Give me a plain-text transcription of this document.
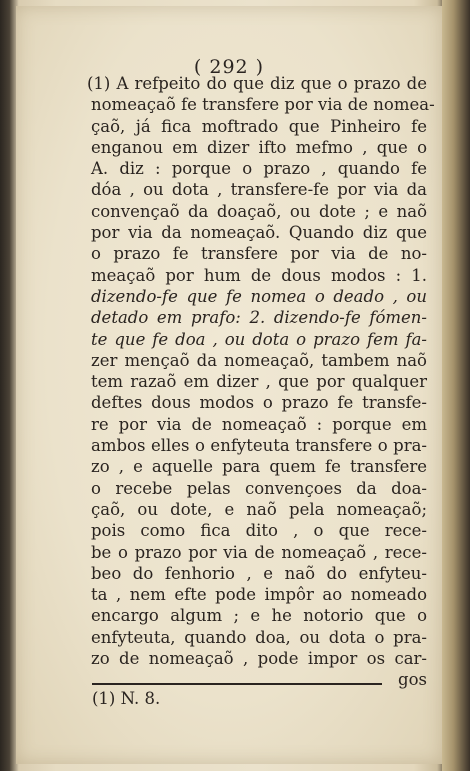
( 292 )
(1) A refpeito do que diz que o prazo de
nomeaçaõ fe transfere por via de nomea-
çaõ, já fica moftrado que Pinheiro fe
enganou em dizer ifto mefmo , que o
A. diz : porque o prazo , quando fe
dóa , ou dota , transfere-fe por via da
convençaõ da doaçaõ, ou dote ; e naõ
por via da nomeaçaõ. Quando diz que
o prazo fe transfere por via de no-
meaçaõ por hum de dous modos : 1.
dizendo-fe que fe nomea o deado , ou
detado em prafo: 2. dizendo-fe fómen-
te que fe doa , ou dota o prazo fem fa-
zer mençaõ da nomeaçaõ, tambem naõ
tem razaõ em dizer , que por qualquer
deftes dous modos o prazo fe transfe-
re por via de nomeaçaõ : porque em
ambos elles o enfyteuta transfere o pra-
zo , e aquelle para quem fe transfere
o recebe pelas convençoes da doa-
çaõ, ou dote, e naõ pela nomeaçaõ;
pois como fica dito , o que rece-
be o prazo por via de nomeaçaõ , rece-
beo do fenhorio , e naõ do enfyteu-
ta , nem efte pode impôr ao nomeado
encargo algum ; e he notorio que o
enfyteuta, quando doa, ou dota o pra-
zo de nomeaçaõ , pode impor os car-
gos
(1) N. 8.
